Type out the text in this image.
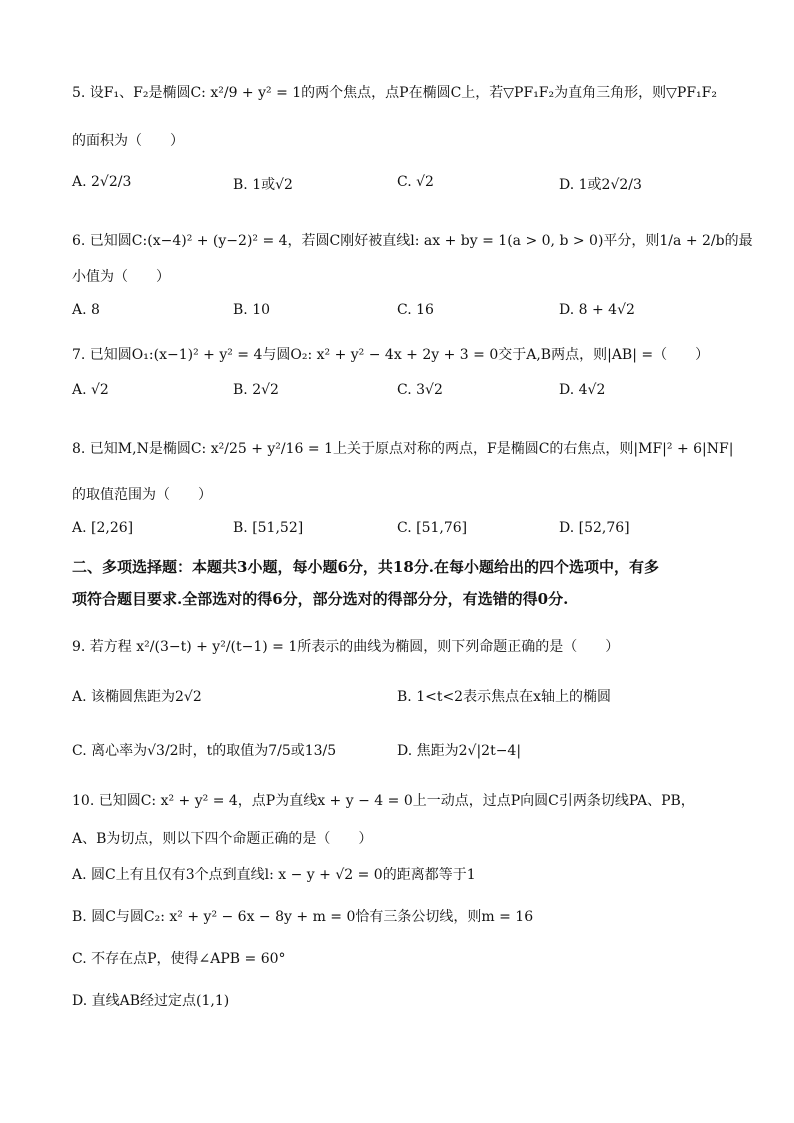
5. 设F₁、F₂是椭圆C: x²/9 + y² = 1的两个焦点，点P在椭圆C上，若▽PF₁F₂为直角三角形，则▽PF₁F₂
的面积为（　　）
A. 2√2/3	B. 1或√2	C. √2	D. 1或2√2/3
6. 已知圆C:(x−4)² + (y−2)² = 4，若圆C刚好被直线l: ax + by = 1(a > 0, b > 0)平分，则1/a + 2/b的最
小值为（　　）
A. 8	B. 10	C. 16	D. 8 + 4√2
7. 已知圆O₁:(x−1)² + y² = 4与圆O₂: x² + y² − 4x + 2y + 3 = 0交于A,B两点，则|AB| =（　　）
A. √2	B. 2√2	C. 3√2	D. 4√2
8. 已知M,N是椭圆C: x²/25 + y²/16 = 1上关于原点对称的两点，F是椭圆C的右焦点，则|MF|² + 6|NF|
的取值范围为（　　）
A. [2,26]	B. [51,52]	C. [51,76]	D. [52,76]
二、多项选择题：本题共3小题，每小题6分，共18分.在每小题给出的四个选项中，有多
项符合题目要求.全部选对的得6分，部分选对的得部分分，有选错的得0分.
9. 若方程 x²/(3−t) + y²/(t−1) = 1所表示的曲线为椭圆，则下列命题正确的是（　　）
A. 该椭圆焦距为2√2	B. 1<t<2表示焦点在x轴上的椭圆
C. 离心率为√3/2时，t的取值为7/5或13/5	D. 焦距为2√|2t−4|
10. 已知圆C: x² + y² = 4，点P为直线x + y − 4 = 0上一动点，过点P向圆C引两条切线PA、PB，
A、B为切点，则以下四个命题正确的是（　　）
A. 圆C上有且仅有3个点到直线l: x − y + √2 = 0的距离都等于1
B. 圆C与圆C₂: x² + y² − 6x − 8y + m = 0恰有三条公切线，则m = 16
C. 不存在点P，使得∠APB = 60°
D. 直线AB经过定点(1,1)
